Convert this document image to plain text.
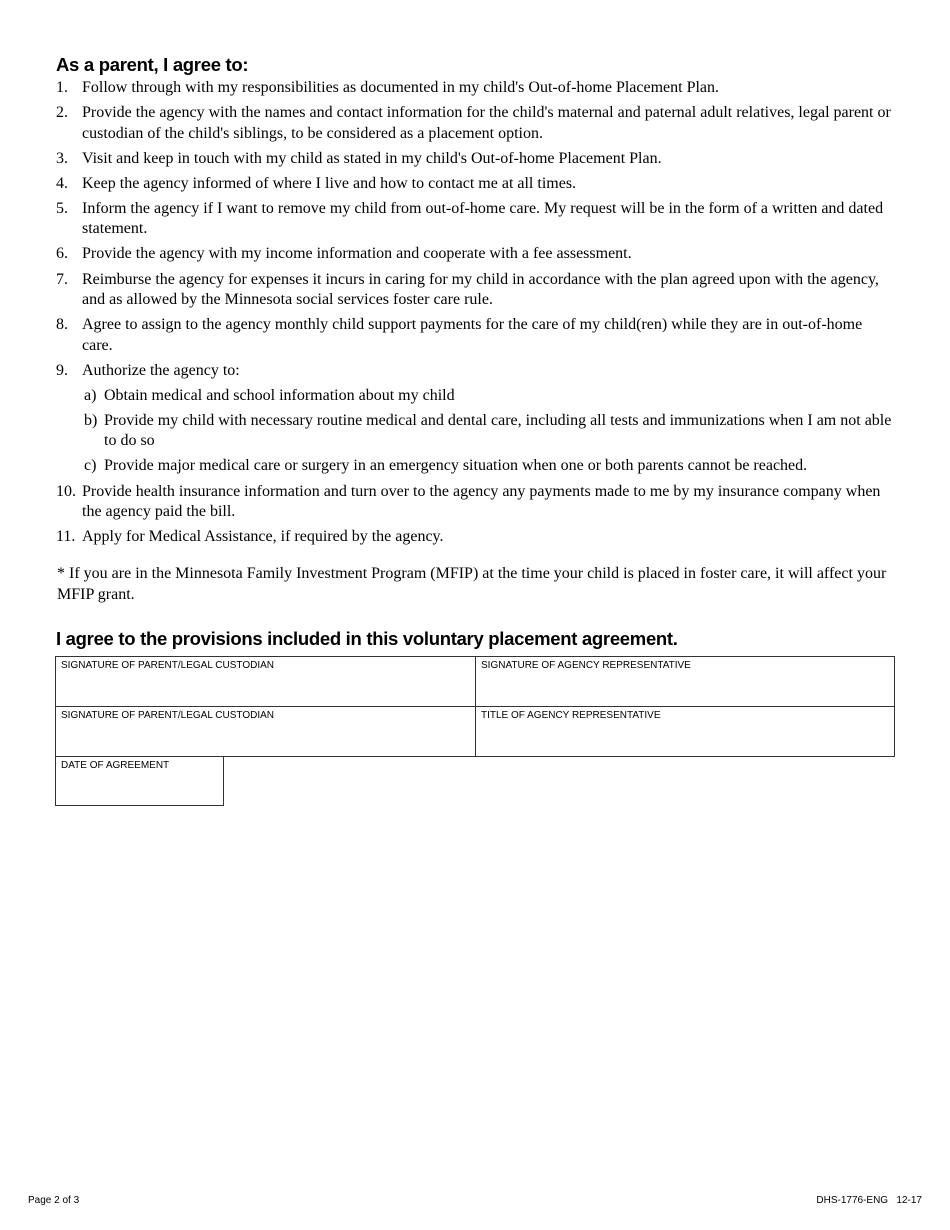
As a parent, I agree to:
1. Follow through with my responsibilities as documented in my child's Out-of-home Placement Plan.
2. Provide the agency with the names and contact information for the child's maternal and paternal adult relatives, legal parent or custodian of the child's siblings, to be considered as a placement option.
3. Visit and keep in touch with my child as stated in my child's Out-of-home Placement Plan.
4. Keep the agency informed of where I live and how to contact me at all times.
5. Inform the agency if I want to remove my child from out-of-home care. My request will be in the form of a written and dated statement.
6. Provide the agency with my income information and cooperate with a fee assessment.
7. Reimburse the agency for expenses it incurs in caring for my child in accordance with the plan agreed upon with the agency, and as allowed by the Minnesota social services foster care rule.
8. Agree to assign to the agency monthly child support payments for the care of my child(ren) while they are in out-of-home care.
9. Authorize the agency to:
a) Obtain medical and school information about my child
b) Provide my child with necessary routine medical and dental care, including all tests and immunizations when I am not able to do so
c) Provide major medical care or surgery in an emergency situation when one or both parents cannot be reached.
10. Provide health insurance information and turn over to the agency any payments made to me by my insurance company when the agency paid the bill.
11. Apply for Medical Assistance, if required by the agency.

* If you are in the Minnesota Family Investment Program (MFIP) at the time your child is placed in foster care, it will affect your MFIP grant.

I agree to the provisions included in this voluntary placement agreement.
SIGNATURE OF PARENT/LEGAL CUSTODIAN	SIGNATURE OF AGENCY REPRESENTATIVE
SIGNATURE OF PARENT/LEGAL CUSTODIAN	TITLE OF AGENCY REPRESENTATIVE
DATE OF AGREEMENT
Page 2 of 3	DHS-1776-ENG   12-17
